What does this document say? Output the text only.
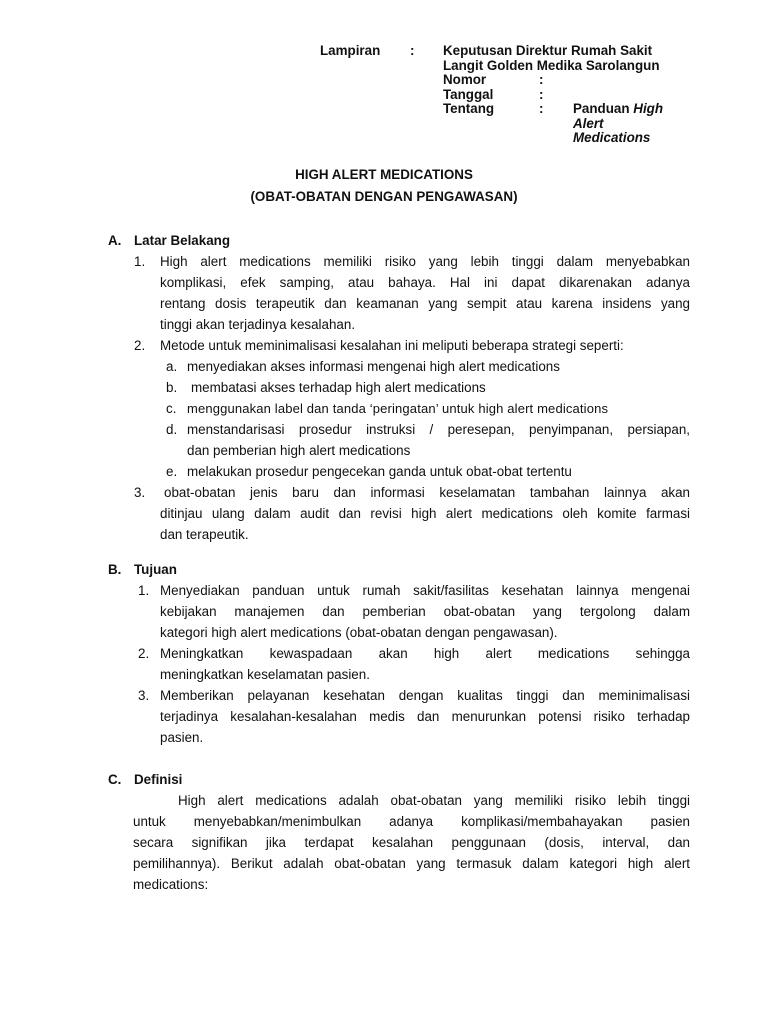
Lampiran : Keputusan Direktur Rumah Sakit
Langit Golden Medika Sarolangun
Nomor	:
Tanggal	:
Tentang	: Panduan High
Alert
Medications
HIGH ALERT MEDICATIONS
(OBAT-OBATAN DENGAN PENGAWASAN)
A. Latar Belakang
1. High alert medications memiliki risiko yang lebih tinggi dalam menyebabkan
komplikasi, efek samping, atau bahaya. Hal ini dapat dikarenakan adanya
rentang dosis terapeutik dan keamanan yang sempit atau karena insidens yang
tinggi akan terjadinya kesalahan.
2. Metode untuk meminimalisasi kesalahan ini meliputi beberapa strategi seperti:
a. menyediakan akses informasi mengenai high alert medications
b. membatasi akses terhadap high alert medications
c. menggunakan label dan tanda ‘peringatan’ untuk high alert medications
d. menstandarisasi prosedur instruksi / peresepan, penyimpanan, persiapan,
dan pemberian high alert medications
e. melakukan prosedur pengecekan ganda untuk obat-obat tertentu
3. obat-obatan jenis baru dan informasi keselamatan tambahan lainnya akan
ditinjau ulang dalam audit dan revisi high alert medications oleh komite farmasi
dan terapeutik.
B. Tujuan
1. Menyediakan panduan untuk rumah sakit/fasilitas kesehatan lainnya mengenai
kebijakan manajemen dan pemberian obat-obatan yang tergolong dalam
kategori high alert medications (obat-obatan dengan pengawasan).
2. Meningkatkan kewaspadaan akan high alert medications sehingga
meningkatkan keselamatan pasien.
3. Memberikan pelayanan kesehatan dengan kualitas tinggi dan meminimalisasi
terjadinya kesalahan-kesalahan medis dan menurunkan potensi risiko terhadap
pasien.
C. Definisi
High alert medications adalah obat-obatan yang memiliki risiko lebih tinggi
untuk menyebabkan/menimbulkan adanya komplikasi/membahayakan pasien
secara signifikan jika terdapat kesalahan penggunaan (dosis, interval, dan
pemilihannya). Berikut adalah obat-obatan yang termasuk dalam kategori high alert
medications:
